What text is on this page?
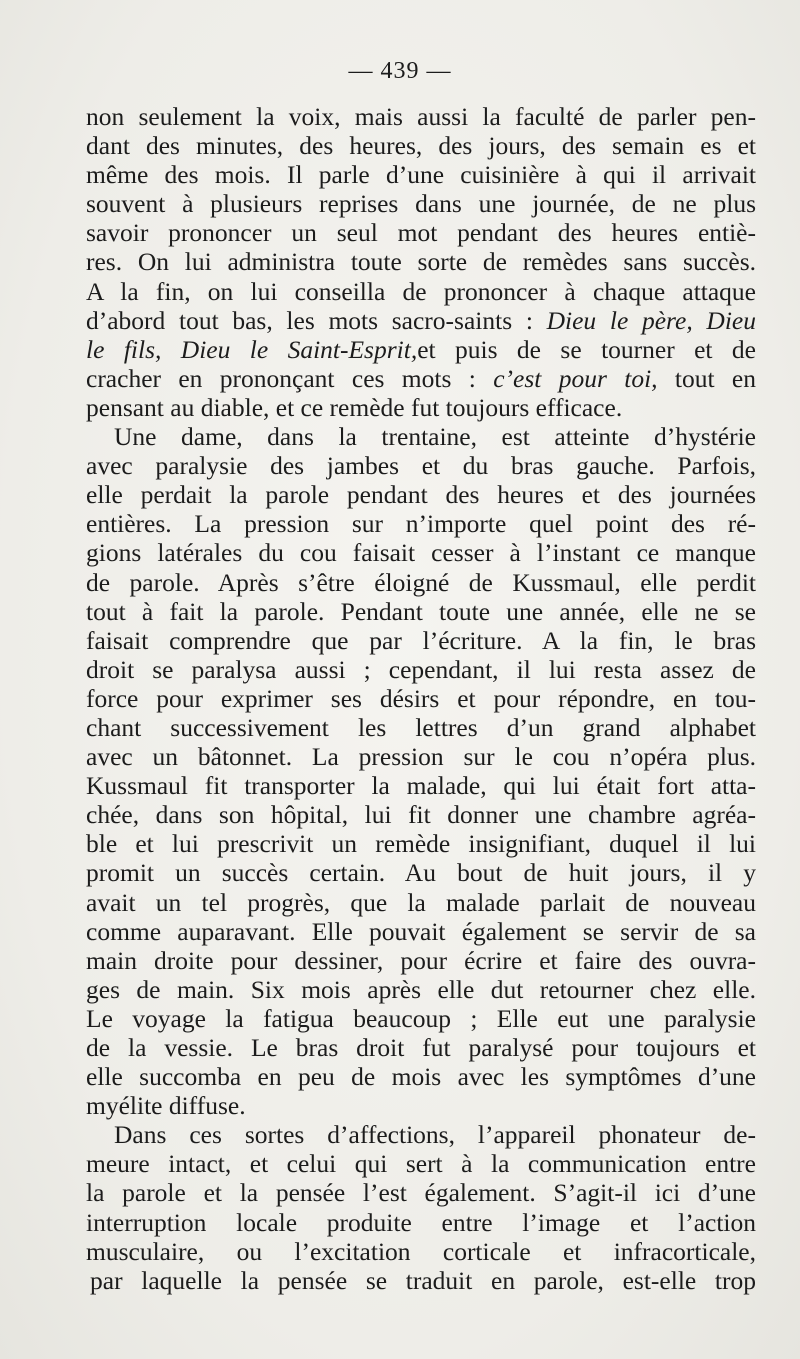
— 439 —
non seulement la voix, mais aussi la faculté de parler pen-
dant des minutes, des heures, des jours, des semain es et
même des mois. Il parle d’une cuisinière à qui il arrivait
souvent à plusieurs reprises dans une journée, de ne plus
savoir prononcer un seul mot pendant des heures entiè-
res. On lui administra toute sorte de remèdes sans succès.
A la fin, on lui conseilla de prononcer à chaque attaque
d’abord tout bas, les mots sacro-saints : Dieu le père, Dieu
le fils, Dieu le Saint-Esprit,et puis de se tourner et de
cracher en prononçant ces mots : c’est pour toi, tout en
pensant au diable, et ce remède fut toujours efficace.
Une dame, dans la trentaine, est atteinte d’hystérie
avec paralysie des jambes et du bras gauche. Parfois,
elle perdait la parole pendant des heures et des journées
entières. La pression sur n’importe quel point des ré-
gions latérales du cou faisait cesser à l’instant ce manque
de parole. Après s’être éloigné de Kussmaul, elle perdit
tout à fait la parole. Pendant toute une année, elle ne se
faisait comprendre que par l’écriture. A la fin, le bras
droit se paralysa aussi ; cependant, il lui resta assez de
force pour exprimer ses désirs et pour répondre, en tou-
chant successivement les lettres d’un grand alphabet
avec un bâtonnet. La pression sur le cou n’opéra plus.
Kussmaul fit transporter la malade, qui lui était fort atta-
chée, dans son hôpital, lui fit donner une chambre agréa-
ble et lui prescrivit un remède insignifiant, duquel il lui
promit un succès certain. Au bout de huit jours, il y
avait un tel progrès, que la malade parlait de nouveau
comme auparavant. Elle pouvait également se servir de sa
main droite pour dessiner, pour écrire et faire des ouvra-
ges de main. Six mois après elle dut retourner chez elle.
Le voyage la fatigua beaucoup ; Elle eut une paralysie
de la vessie. Le bras droit fut paralysé pour toujours et
elle succomba en peu de mois avec les symptômes d’une
myélite diffuse.
Dans ces sortes d’affections, l’appareil phonateur de-
meure intact, et celui qui sert à la communication entre
la parole et la pensée l’est également. S’agit-il ici d’une
interruption locale produite entre l’image et l’action
musculaire, ou l’excitation corticale et infracorticale,
par laquelle la pensée se traduit en parole, est-elle trop
